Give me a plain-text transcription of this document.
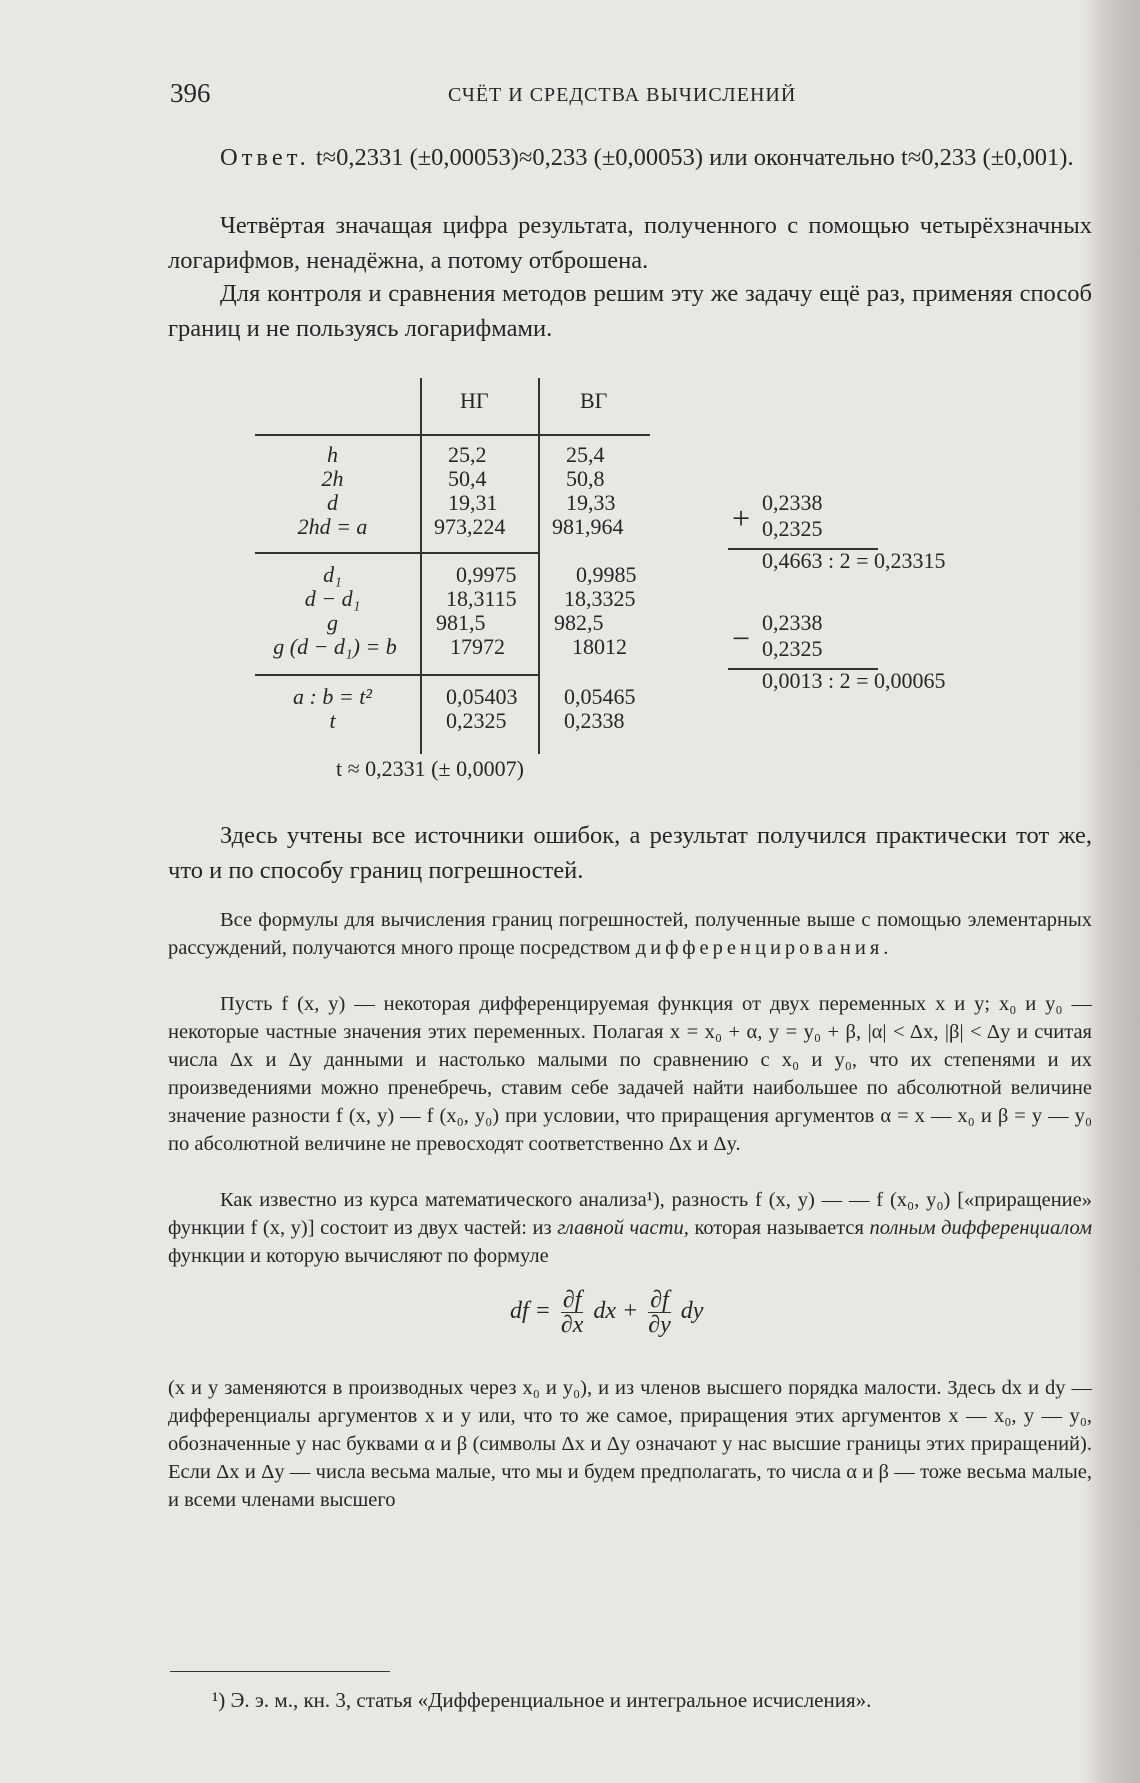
396	СЧЁТ И СРЕДСТВА ВЫЧИСЛЕНИЙ
Ответ. t≈0,2331 (±0,00053)≈0,233 (±0,00053) или окончательно t≈0,233 (±0,001).
Четвёртая значащая цифра результата, полученного с помощью четырёхзначных логарифмов, ненадёжна, а потому отброшена.
Для контроля и сравнения методов решим эту же задачу ещё раз, применяя способ границ и не пользуясь логарифмами.
НГ	ВГ
h	25,2	25,4
2h	50,4	50,8
d	19,31	19,33
2hd = a	973,224 981,964
d₁	0,9975	0,9985
d − d₁	18,3115 18,3325
g	981,5	982,5
g (d − d₁) = b	17972	18012
a : b = t²	0,05403 0,05465
t	0,2325	0,2338
t ≈ 0,2331 (± 0,0007)
+ 0,2338
0,2325
0,4663 : 2 = 0,23315
− 0,2338
0,2325
0,0013 : 2 = 0,00065
Здесь учтены все источники ошибок, а результат получился практически тот же, что и по способу границ погрешностей.
Все формулы для вычисления границ погрешностей, полученные выше с помощью элементарных рассуждений, получаются много проще посредством дифференцирования.
Пусть f (x, y) — некоторая дифференцируемая функция от двух переменных x и y; x₀ и y₀ — некоторые частные значения этих переменных. Полагая x = x₀ + α, y = y₀ + β, |α| < Δx, |β| < Δy и считая числа Δx и Δy данными и настолько малыми по сравнению с x₀ и y₀, что их степенями и их произведениями можно пренебречь, ставим себе задачей найти наибольшее по абсолютной величине значение разности f (x, y) — f (x₀, y₀) при условии, что приращения аргументов α = x — x₀ и β = y — y₀ по абсолютной величине не превосходят соответственно Δx и Δy.
Как известно из курса математического анализа¹), разность f (x, y) — — f (x₀, y₀) [«приращение» функции f (x, y)] состоит из двух частей: из главной части, которая называется полным дифференциалом функции и которую вычисляют по формуле
df = $\frac{\partial f}{\partial x}$ dx + $\frac{\partial f}{\partial y}$ dy
(x и y заменяются в производных через x₀ и y₀), и из членов высшего порядка малости. Здесь dx и dy — дифференциалы аргументов x и y или, что то же самое, приращения этих аргументов x — x₀, y — y₀, обозначенные у нас буквами α и β (символы Δx и Δy означают у нас высшие границы этих приращений). Если Δx и Δy — числа весьма малые, что мы и будем предполагать, то числа α и β — тоже весьма малые, и всеми членами высшего
¹) Э. э. м., кн. 3, статья «Дифференциальное и интегральное исчисления».
